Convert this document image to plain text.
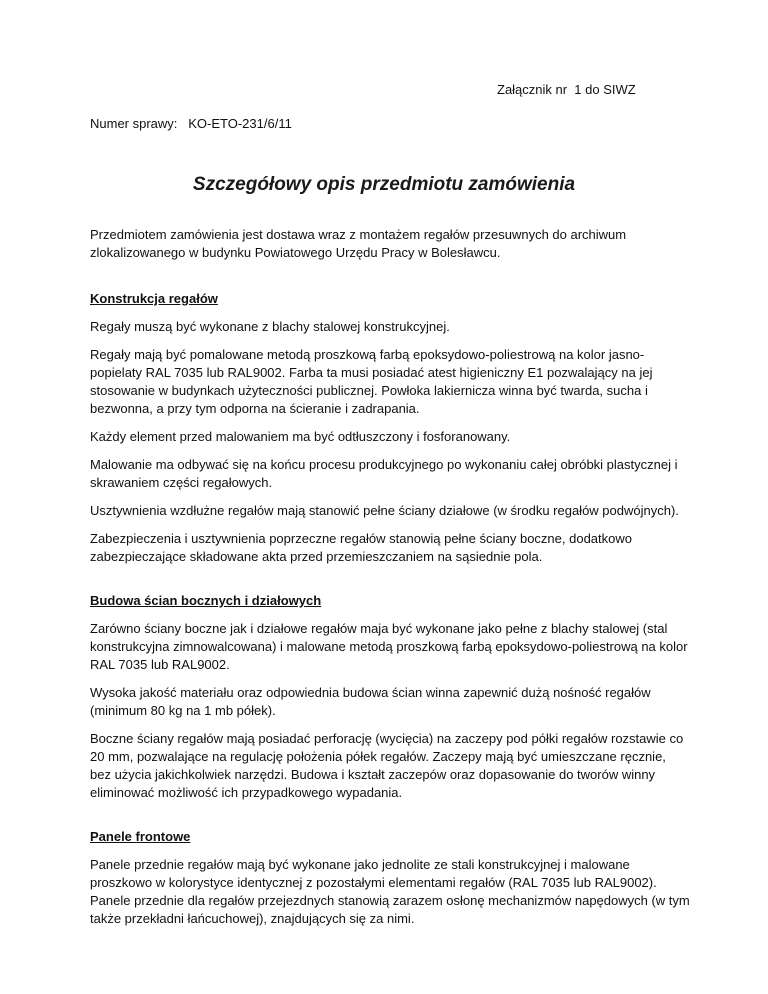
Załącznik nr  1 do SIWZ
Numer sprawy:   KO-ETO-231/6/11
Szczegółowy opis przedmiotu zamówienia

Przedmiotem zamówienia jest dostawa wraz z montażem regałów przesuwnych do archiwum zlokalizowanego w budynku Powiatowego Urzędu Pracy w Bolesławcu.

Konstrukcja regałów

Regały muszą być wykonane z blachy stalowej konstrukcyjnej.

Regały mają być pomalowane metodą proszkową farbą epoksydowo-poliestrową na kolor jasno-popielaty RAL 7035 lub RAL9002. Farba ta musi posiadać atest higieniczny E1 pozwalający na jej stosowanie w budynkach użyteczności publicznej. Powłoka lakiernicza winna być twarda, sucha i bezwonna, a przy tym odporna na ścieranie i zadrapania.

Każdy element przed malowaniem ma być odtłuszczony i fosforanowany.

Malowanie ma odbywać się na końcu procesu produkcyjnego po wykonaniu całej obróbki plastycznej i skrawaniem części regałowych.

Usztywnienia wzdłużne regałów mają stanowić pełne ściany działowe (w środku regałów podwójnych).

Zabezpieczenia i usztywnienia poprzeczne regałów stanowią pełne ściany boczne, dodatkowo zabezpieczające składowane akta przed przemieszczaniem na sąsiednie pola.

Budowa ścian bocznych i działowych

Zarówno ściany boczne jak i działowe regałów maja być wykonane jako pełne z blachy stalowej (stal konstrukcyjna zimnowalcowana) i malowane metodą proszkową farbą epoksydowo-poliestrową na kolor RAL 7035 lub RAL9002.

Wysoka jakość materiału oraz odpowiednia budowa ścian winna zapewnić dużą nośność regałów (minimum 80 kg na 1 mb półek).

Boczne ściany regałów mają posiadać perforację (wycięcia) na zaczepy pod półki regałów rozstawie co 20 mm, pozwalające na regulację położenia półek regałów. Zaczepy mają być umieszczane ręcznie, bez użycia jakichkolwiek narzędzi. Budowa i kształt zaczepów oraz dopasowanie do tworów winny eliminować możliwość ich przypadkowego wypadania.

Panele frontowe

Panele przednie regałów mają być wykonane jako jednolite ze stali konstrukcyjnej i malowane proszkowo w kolorystyce identycznej z pozostałymi elementami regałów (RAL 7035 lub RAL9002). Panele przednie dla regałów przejezdnych stanowią zarazem osłonę mechanizmów napędowych (w tym także przekładni łańcuchowej), znajdujących się za nimi.
